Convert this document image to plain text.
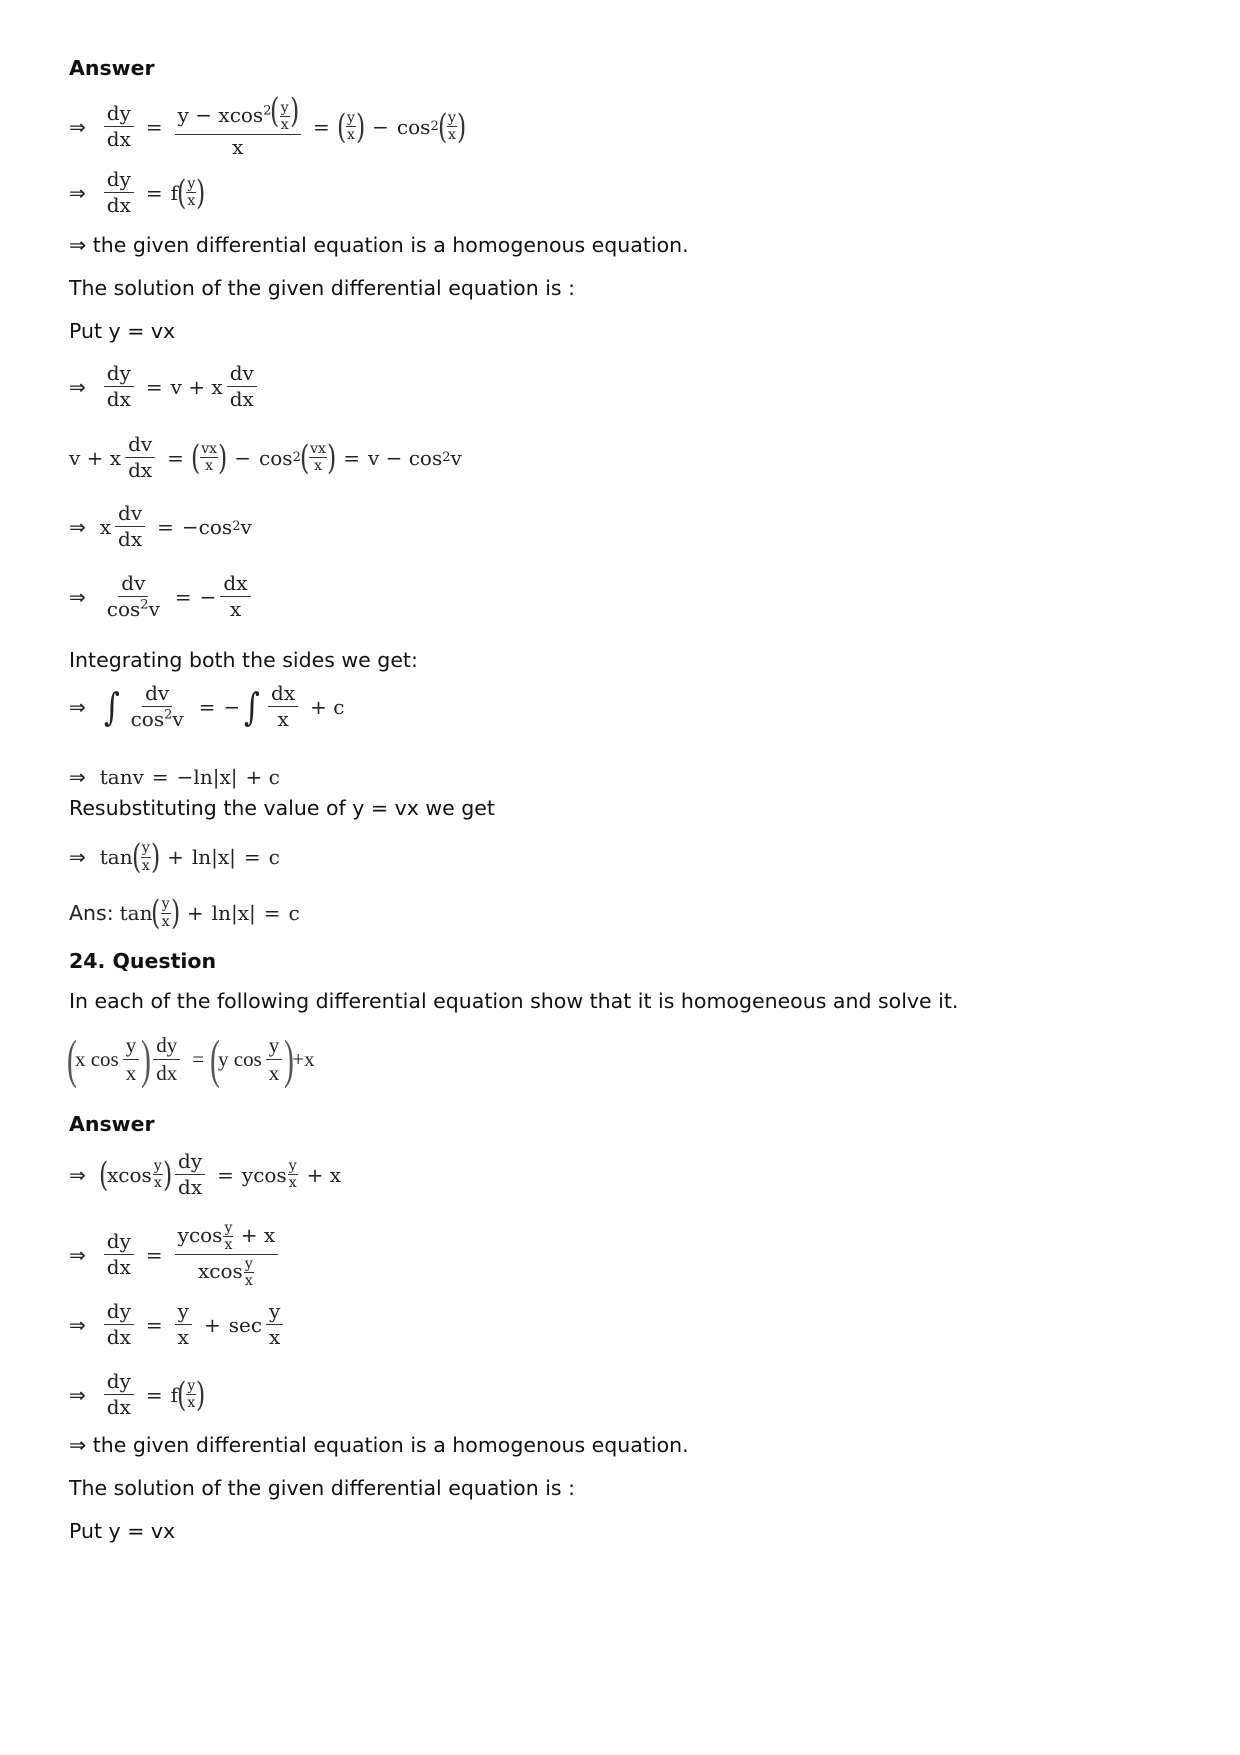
Answer
⇒ $\frac{dy}{dx} = \frac{y - xcos^2( \frac{y}{x} )}{x}$ = ( $\frac{y}{x}$ ) − cos 2
( $\frac{y}{x}$ )
⇒ $\frac{dy}{dx} = f$
( $\frac{y}{x}$ )
⇒ the given differential equation is a homogenous equation.
The solution of the given differential equation is :
Put y = vx
⇒ $\frac{dy}{dx} = v + x \frac{dv}{dx}$
v + x $\frac{dv}{dx}$ = ( $\frac{vx}{x}$ ) − cos 2
( $\frac{vx}{x}$ ) = v − cos 2 v
⇒ x $\frac{dv}{dx} = -\cos$ 2 v
⇒ $\frac{dv}{\cos^2v}$ = − $\frac{dx}{x}$
Integrating both the sides we get:
⇒ ∫ $\frac{dv}{\cos^2v}$ = − ∫ $\frac{dx}{x} + c$
⇒ tanv = −ln|x| + c
Resubstituting the value of y = vx we get
⇒ tan
( $\frac{y}{x}$ ) + ln|x| = c
Ans: tan
( $\frac{y}{x}$ ) + ln|x| = c
24. Question
In each of the following differential equation show that it is homogeneous and solve it.
(
x $\cos \frac{y}{x}$ ) $\frac{dy}{dx}$ = (
y $\cos \frac{y}{x}$ )
+ x
Answer
⇒ (
xcos $\frac{y}{x}$ ) $\frac{dy}{dx} = ycos \frac{y}{x} + x$
⇒ $\frac{dy}{dx} = \frac{ycos \frac{y}{x} + x}{xcos \frac{y}{x}}$
⇒ $\frac{dy}{dx} = \frac{y}{x} + \sec \frac{y}{x}$
⇒ $\frac{dy}{dx} = f$
( $\frac{y}{x}$ )
⇒ the given differential equation is a homogenous equation.
The solution of the given differential equation is :
Put y = vx
